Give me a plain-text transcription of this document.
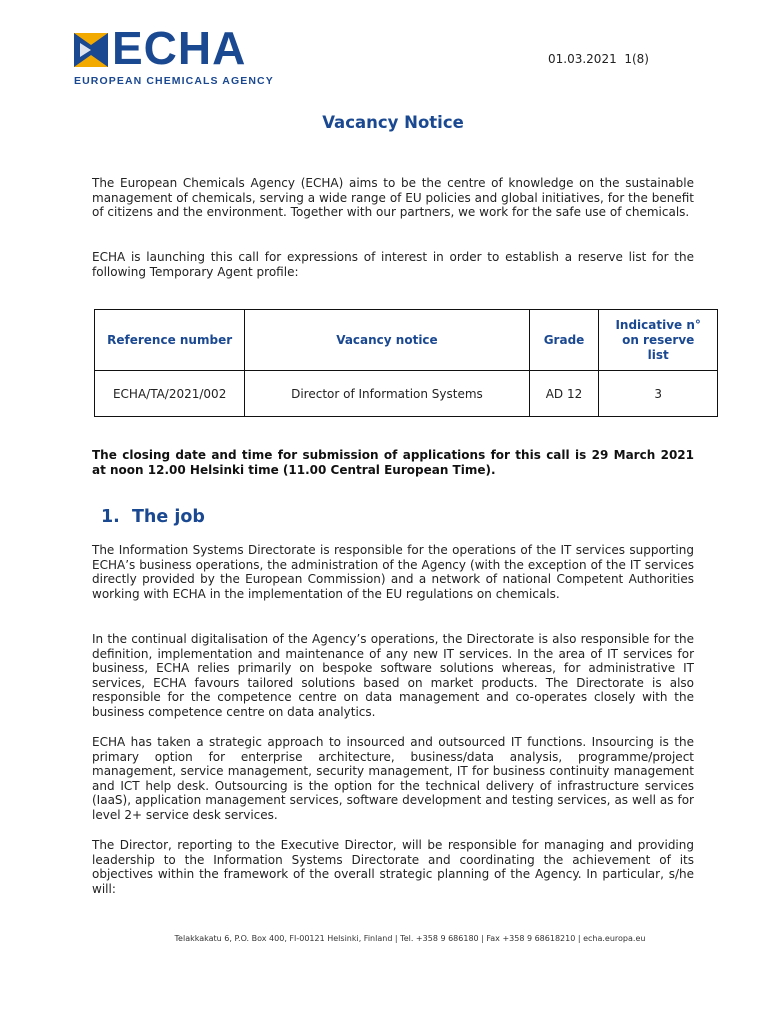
ECHA
EUROPEAN CHEMICALS AGENCY
01.03.2021 1(8)
Vacancy Notice

The European Chemicals Agency (ECHA) aims to be the centre of knowledge on the sustainable management of chemicals, serving a wide range of EU policies and global initiatives, for the benefit of citizens and the environment. Together with our partners, we work for the safe use of chemicals.

ECHA is launching this call for expressions of interest in order to establish a reserve list for the following Temporary Agent profile:

Reference number	Vacancy notice	Grade	Indicative n° on reserve list
ECHA/TA/2021/002	Director of Information Systems	AD 12	3

The closing date and time for submission of applications for this call is 29 March 2021 at noon 12.00 Helsinki time (11.00 Central European Time).

1. The job

The Information Systems Directorate is responsible for the operations of the IT services supporting ECHA’s business operations, the administration of the Agency (with the exception of the IT services directly provided by the European Commission) and a network of national Competent Authorities working with ECHA in the implementation of the EU regulations on chemicals.

In the continual digitalisation of the Agency’s operations, the Directorate is also responsible for the definition, implementation and maintenance of any new IT services. In the area of IT services for business, ECHA relies primarily on bespoke software solutions whereas, for administrative IT services, ECHA favours tailored solutions based on market products. The Directorate is also responsible for the competence centre on data management and co-operates closely with the business competence centre on data analytics.

ECHA has taken a strategic approach to insourced and outsourced IT functions. Insourcing is the primary option for enterprise architecture, business/data analysis, programme/project management, service management, security management, IT for business continuity management and ICT help desk. Outsourcing is the option for the technical delivery of infrastructure services (IaaS), application management services, software development and testing services, as well as for level 2+ service desk services.

The Director, reporting to the Executive Director, will be responsible for managing and providing leadership to the Information Systems Directorate and coordinating the achievement of its objectives within the framework of the overall strategic planning of the Agency. In particular, s/he will:

Telakkakatu 6, P.O. Box 400, FI-00121 Helsinki, Finland | Tel. +358 9 686180 | Fax +358 9 68618210 | echa.europa.eu
